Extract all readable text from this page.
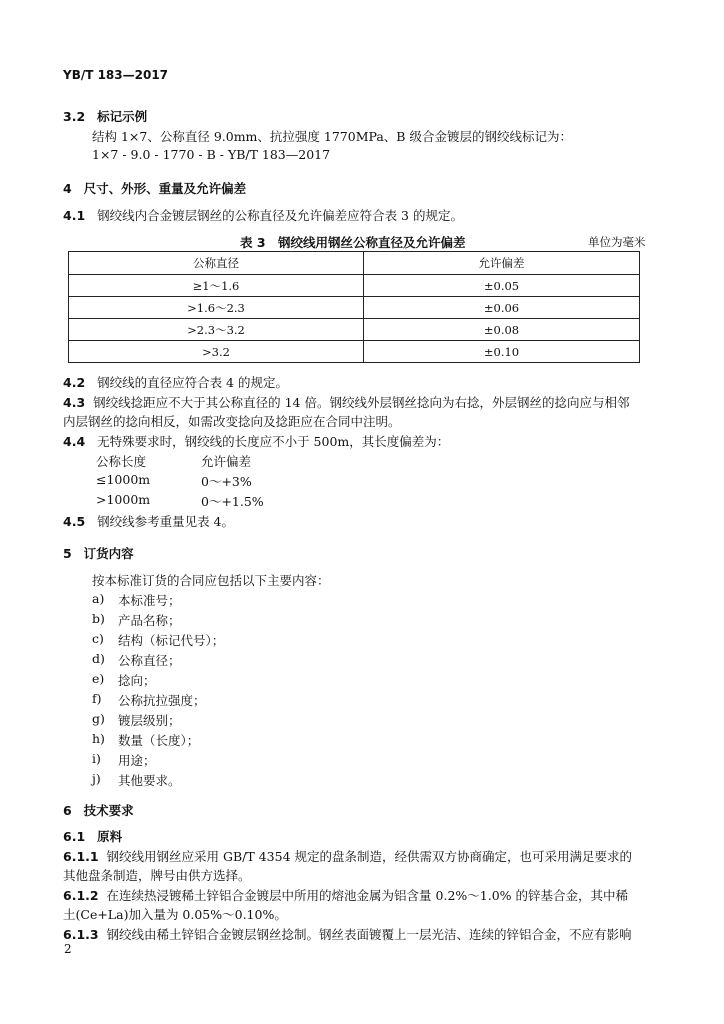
YB/T 183—2017
3.2 标记示例
结构 1×7、公称直径 9.0mm、抗拉强度 1770MPa、B 级合金镀层的钢绞线标记为：
1×7 - 9.0 - 1770 - B - YB/T 183—2017
4 尺寸、外形、重量及允许偏差
4.1 钢绞线内合金镀层钢丝的公称直径及允许偏差应符合表 3 的规定。
表 3　钢绞线用钢丝公称直径及允许偏差	单位为毫米
公称直径	允许偏差
≥1～1.6	±0.05
>1.6～2.3	±0.06
>2.3～3.2	±0.08
>3.2	±0.10
4.2 钢绞线的直径应符合表 4 的规定。
4.3 钢绞线捻距应不大于其公称直径的 14 倍。钢绞线外层钢丝捻向为右捻，外层钢丝的捻向应与相邻
内层钢丝的捻向相反，如需改变捻向及捻距应在合同中注明。
4.4 无特殊要求时，钢绞线的长度应不小于 500m，其长度偏差为：
公称长度	允许偏差
≤1000m	0～+3%
>1000m	0～+1.5%
4.5 钢绞线参考重量见表 4。
5 订货内容
按本标准订货的合同应包括以下主要内容：
a) 本标准号；
b) 产品名称；
c) 结构（标记代号）；
d) 公称直径；
e) 捻向；
f) 公称抗拉强度；
g) 镀层级别；
h) 数量（长度）；
i) 用途；
j) 其他要求。
6 技术要求
6.1 原料
6.1.1 钢绞线用钢丝应采用 GB/T 4354 规定的盘条制造，经供需双方协商确定，也可采用满足要求的
其他盘条制造，牌号由供方选择。
6.1.2 在连续热浸镀稀土锌铝合金镀层中所用的熔池金属为铝含量 0.2%～1.0% 的锌基合金，其中稀
土(Ce+La)加入量为 0.05%～0.10%。
6.1.3 钢绞线由稀土锌铝合金镀层钢丝捻制。钢丝表面镀覆上一层光洁、连续的锌铝合金，不应有影响
2
